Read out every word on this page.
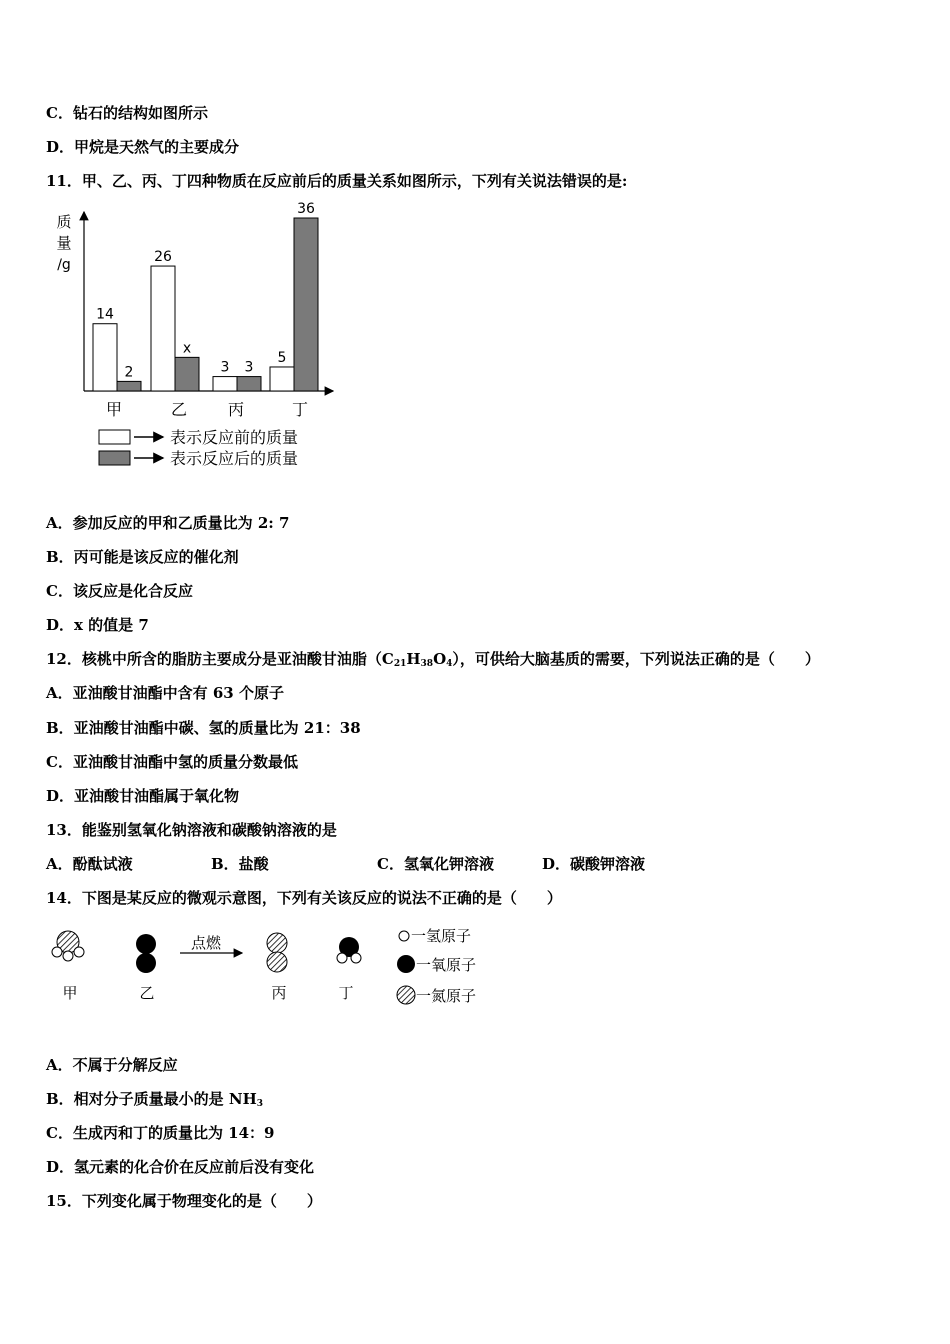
C．钻石的结构如图所示
D．甲烷是天然气的主要成分
11．甲、乙、丙、丁四种物质在反应前后的质量关系如图所示，下列有关说法错误的是:
质
量
/g
14
2
26
x
3 3
5
36
甲	乙	丙	丁
表示反应前的质量
表示反应后的质量
A．参加反应的甲和乙质量比为 2: 7
B．丙可能是该反应的催化剂
C．该反应是化合反应
D．x 的值是 7
12．核桃中所含的脂肪主要成分是亚油酸甘油脂$(C_{21}H_{38}O_4)$，可供给大脑基质的需要，下列说法正确的是（　　）
A．亚油酸甘油酯中含有 63 个原子
B．亚油酸甘油酯中碳、氢的质量比为 21：38
C．亚油酸甘油酯中氢的质量分数最低
D．亚油酸甘油酯属于氧化物
13．能鉴别氢氧化钠溶液和碳酸钠溶液的是
A．酚酞试液	B．盐酸	C．氢氧化钾溶液	D．碳酸钾溶液
14．下图是某反应的微观示意图，下列有关该反应的说法不正确的是（　　）
点燃
甲	乙	丙	丁
一氢原子
一氧原子
一氮原子
A．不属于分解反应
B．相对分子质量最小的是 $NH_3$
C．生成丙和丁的质量比为 14：9
D．氢元素的化合价在反应前后没有变化
15．下列变化属于物理变化的是（　　）
